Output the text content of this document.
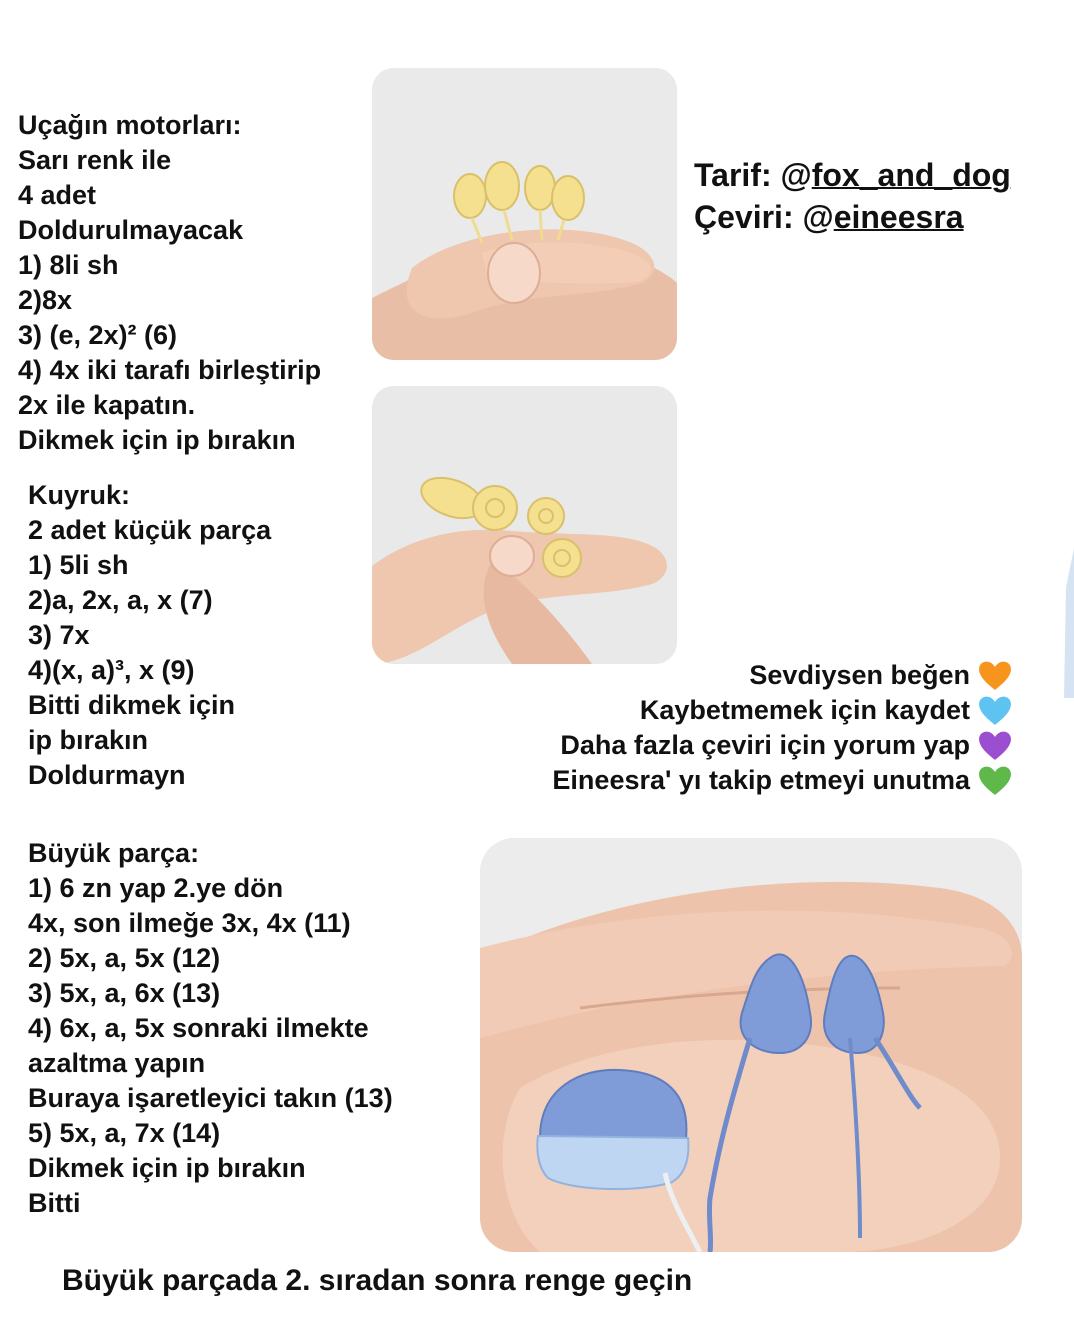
Uçağın motorları:
Sarı renk ile
4 adet
Doldurulmayacak
1) 8li sh
2)8x
3) (e, 2x)² (6)
4) 4x iki tarafı birleştirip
2x ile kapatın.
Dikmek için ip bırakın
Kuyruk:
2 adet küçük parça
1) 5li sh
2)a, 2x, a, x (7)
3) 7x
4)(x, a)³, x (9)
Bitti dikmek için
ip bırakın
Doldurmayn
Büyük parça:
1) 6 zn yap 2.ye dön
4x, son ilmeğe 3x, 4x (11)
2) 5x, a, 5x (12)
3) 5x, a, 6x (13)
4) 6x, a, 5x sonraki ilmekte
azaltma yapın
Buraya işaretleyici takın (13)
5) 5x, a, 7x (14)
Dikmek için ip bırakın
Bitti
Tarif: @fox_and_dog
Çeviri: @eineesra
Sevdiysen beğen
Kaybetmemek için kaydet
Daha fazla çeviri için yorum yap
Eineesra' yı takip etmeyi unutma
Büyük parçada 2. sıradan sonra renge geçin
